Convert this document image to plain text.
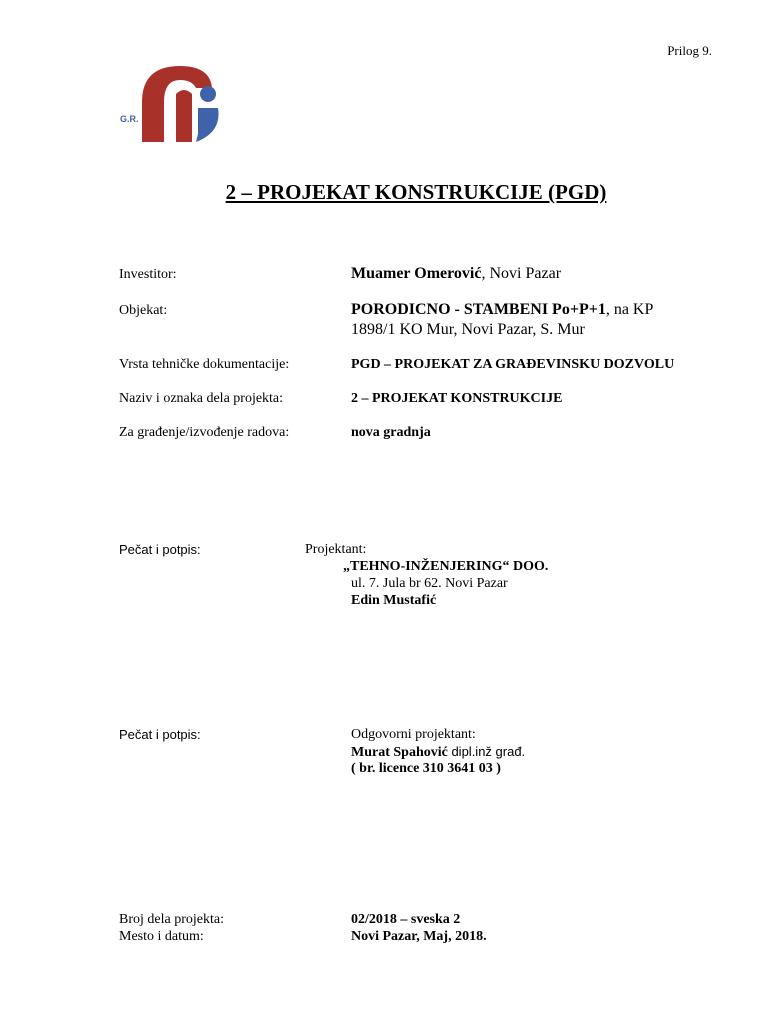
Prilog 9.
G.R.
2 – PROJEKAT KONSTRUKCIJE (PGD)
Investitor:	Muamer Omerović, Novi Pazar
Objekat:	PORODICNO - STAMBENI Po+P+1, na KP
1898/1 KO Mur, Novi Pazar, S. Mur
Vrsta tehničke dokumentacije:	PGD – PROJEKAT ZA GRAĐEVINSKU DOZVOLU
Naziv i oznaka dela projekta:	2 – PROJEKAT KONSTRUKCIJE
Za građenje/izvođenje radova:	nova gradnja
Pečat i potpis:	Projektant:
„TEHNO-INŽENJERING“ DOO.
ul. 7. Jula br 62. Novi Pazar
Edin Mustafić
Pečat i potpis:	Odgovorni projektant:
Murat Spahović dipl.inž građ.
( br. licence 310 3641 03 )
Broj dela projekta:	02/2018 – sveska 2
Mesto i datum:	Novi Pazar, Maj, 2018.
